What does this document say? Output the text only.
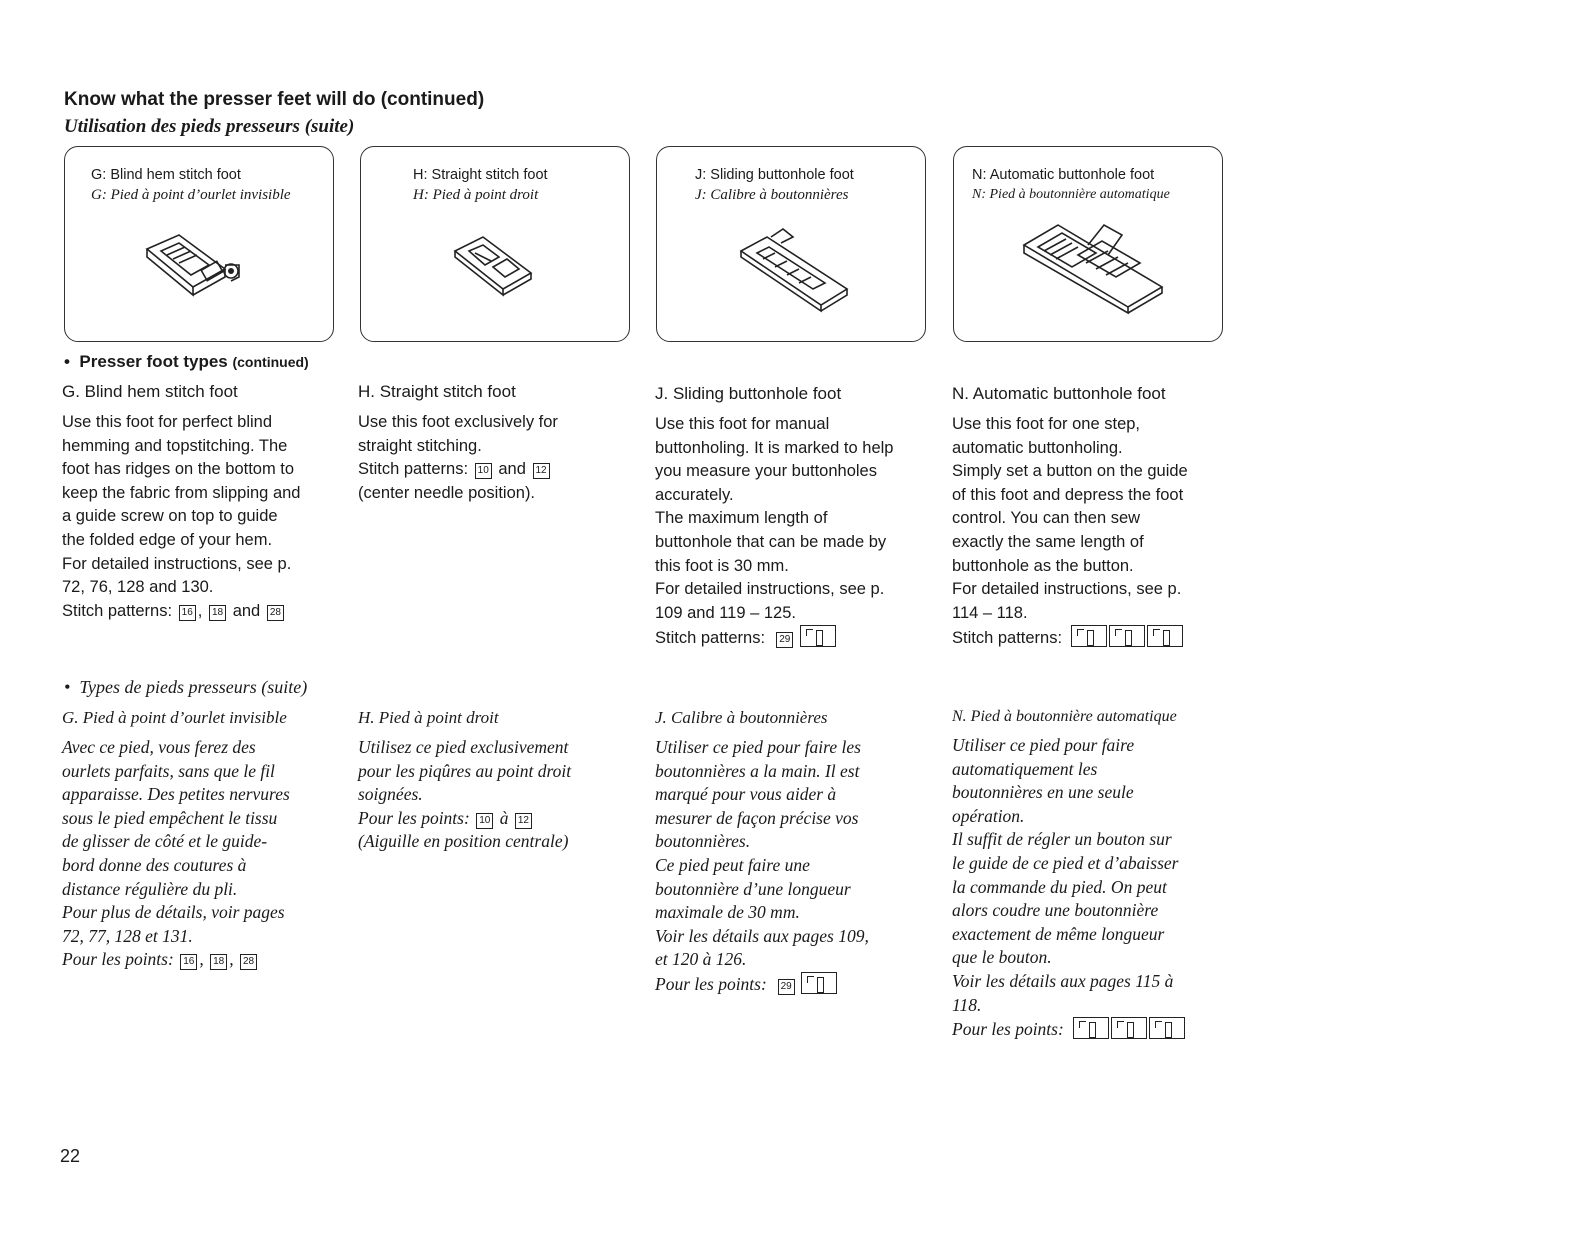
Know what the presser feet will do (continued)
Utilisation des pieds presseurs (suite)
G: Blind hem stitch foot
G: Pied à point d’ourlet invisible
H: Straight stitch foot
H: Pied à point droit
J: Sliding buttonhole foot
J: Calibre à boutonnières
N: Automatic buttonhole foot
N: Pied à boutonnière automatique
• Presser foot types (continued)
G. Blind hem stitch foot
Use this foot for perfect blind
hemming and topstitching. The
foot has ridges on the bottom to
keep the fabric from slipping and
a guide screw on top to guide
the folded edge of your hem.
For detailed instructions, see p.
72, 76, 128 and 130.
Stitch patterns: 16 , 18 and 28
H. Straight stitch foot
Use this foot exclusively for
straight stitching.
Stitch patterns: 10 and 12
(center needle position).
J. Sliding buttonhole foot
Use this foot for manual
buttonholing. It is marked to help
you measure your buttonholes
accurately.
The maximum length of
buttonhole that can be made by
this foot is 30 mm.
For detailed instructions, see p.
109 and 119 – 125.
Stitch patterns: 29
N. Automatic buttonhole foot
Use this foot for one step,
automatic buttonholing.
Simply set a button on the guide
of this foot and depress the foot
control. You can then sew
exactly the same length of
buttonhole as the button.
For detailed instructions, see p.
114 – 118.
Stitch patterns:
• Types de pieds presseurs (suite)
G. Pied à point d’ourlet invisible
Avec ce pied, vous ferez des
ourlets parfaits, sans que le fil
apparaisse. Des petites nervures
sous le pied empêchent le tissu
de glisser de côté et le guide-
bord donne des coutures à
distance régulière du pli.
Pour plus de détails, voir pages
72, 77, 128 et 131.
Pour les points: 16 , 18 , 28
H. Pied à point droit
Utilisez ce pied exclusivement
pour les piqûres au point droit
soignées.
Pour les points: 10 à 12
(Aiguille en position centrale)
J. Calibre à boutonnières
Utiliser ce pied pour faire les
boutonnières a la main. Il est
marqué pour vous aider à
mesurer de façon précise vos
boutonnières.
Ce pied peut faire une
boutonnière d’une longueur
maximale de 30 mm.
Voir les détails aux pages 109,
et 120 à 126.
Pour les points: 29
N. Pied à boutonnière automatique
Utiliser ce pied pour faire
automatiquement les
boutonnières en une seule
opération.
Il suffit de régler un bouton sur
le guide de ce pied et d’abaisser
la commande du pied. On peut
alors coudre une boutonnière
exactement de même longueur
que le bouton.
Voir les détails aux pages 115 à
118.
Pour les points:
22
